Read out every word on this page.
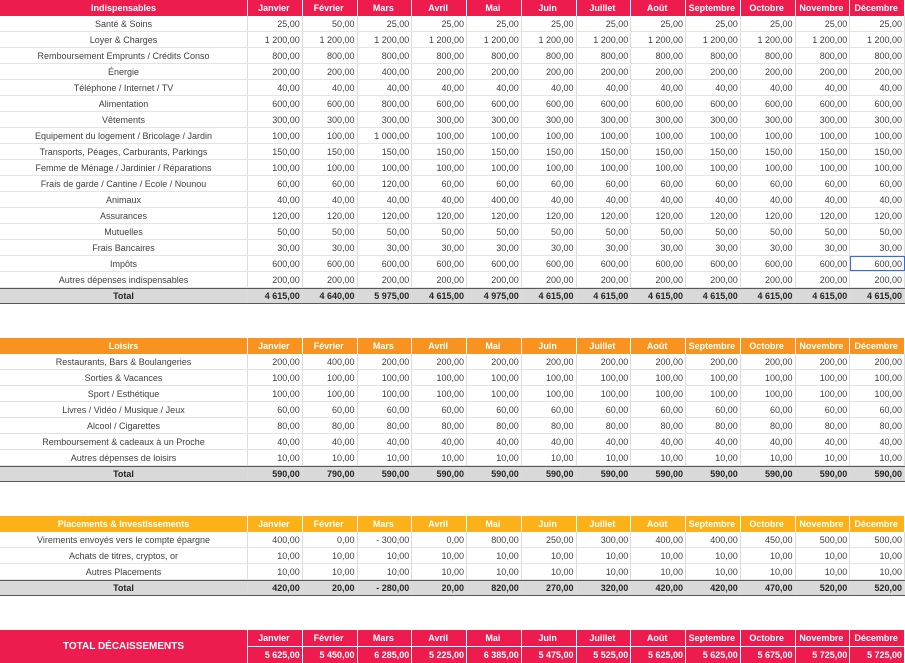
Indispensables	Janvier	Février	Mars	Avril	Mai	Juin	Juillet	Août	Septembre	Octobre	Novembre	Décembre
Santé & Soins	25,00	50,00	25,00	25,00	25,00	25,00	25,00	25,00	25,00	25,00	25,00	25,00
Loyer & Charges	1 200,00	1 200,00	1 200,00	1 200,00	1 200,00	1 200,00	1 200,00	1 200,00	1 200,00	1 200,00	1 200,00	1 200,00
Remboursement Emprunts / Crédits Conso	800,00	800,00	800,00	800,00	800,00	800,00	800,00	800,00	800,00	800,00	800,00	800,00
Énergie	200,00	200,00	400,00	200,00	200,00	200,00	200,00	200,00	200,00	200,00	200,00	200,00
Téléphone / Internet / TV	40,00	40,00	40,00	40,00	40,00	40,00	40,00	40,00	40,00	40,00	40,00	40,00
Alimentation	600,00	600,00	800,00	600,00	600,00	600,00	600,00	600,00	600,00	600,00	600,00	600,00
Vêtements	300,00	300,00	300,00	300,00	300,00	300,00	300,00	300,00	300,00	300,00	300,00	300,00
Equipement du logement / Bricolage / Jardin	100,00	100,00	1 000,00	100,00	100,00	100,00	100,00	100,00	100,00	100,00	100,00	100,00
Transports, Péages, Carburants, Parkings	150,00	150,00	150,00	150,00	150,00	150,00	150,00	150,00	150,00	150,00	150,00	150,00
Femme de Ménage / Jardinier / Réparations	100,00	100,00	100,00	100,00	100,00	100,00	100,00	100,00	100,00	100,00	100,00	100,00
Frais de garde / Cantine / Ecole / Nounou	60,00	60,00	120,00	60,00	60,00	60,00	60,00	60,00	60,00	60,00	60,00	60,00
Animaux	40,00	40,00	40,00	40,00	400,00	40,00	40,00	40,00	40,00	40,00	40,00	40,00
Assurances	120,00	120,00	120,00	120,00	120,00	120,00	120,00	120,00	120,00	120,00	120,00	120,00
Mutuelles	50,00	50,00	50,00	50,00	50,00	50,00	50,00	50,00	50,00	50,00	50,00	50,00
Frais Bancaires	30,00	30,00	30,00	30,00	30,00	30,00	30,00	30,00	30,00	30,00	30,00	30,00
Impôts	600,00	600,00	600,00	600,00	600,00	600,00	600,00	600,00	600,00	600,00	600,00	600,00
Autres dépenses indispensables	200,00	200,00	200,00	200,00	200,00	200,00	200,00	200,00	200,00	200,00	200,00	200,00
Total	4 615,00	4 640,00	5 975,00	4 615,00	4 975,00	4 615,00	4 615,00	4 615,00	4 615,00	4 615,00	4 615,00	4 615,00
Loisirs	Janvier	Février	Mars	Avril	Mai	Juin	Juillet	Août	Septembre	Octobre	Novembre	Décembre
Restaurants, Bars & Boulangeries	200,00	400,00	200,00	200,00	200,00	200,00	200,00	200,00	200,00	200,00	200,00	200,00
Sorties & Vacances	100,00	100,00	100,00	100,00	100,00	100,00	100,00	100,00	100,00	100,00	100,00	100,00
Sport / Esthétique	100,00	100,00	100,00	100,00	100,00	100,00	100,00	100,00	100,00	100,00	100,00	100,00
Livres / Vidéo / Musique / Jeux	60,00	60,00	60,00	60,00	60,00	60,00	60,00	60,00	60,00	60,00	60,00	60,00
Alcool / Cigarettes	80,00	80,00	80,00	80,00	80,00	80,00	80,00	80,00	80,00	80,00	80,00	80,00
Remboursement & cadeaux à un Proche	40,00	40,00	40,00	40,00	40,00	40,00	40,00	40,00	40,00	40,00	40,00	40,00
Autres dépenses de loisirs	10,00	10,00	10,00	10,00	10,00	10,00	10,00	10,00	10,00	10,00	10,00	10,00
Total	590,00	790,00	590,00	590,00	590,00	590,00	590,00	590,00	590,00	590,00	590,00	590,00
Placements & Investissements	Janvier	Février	Mars	Avril	Mai	Juin	Juillet	Août	Septembre	Octobre	Novembre	Décembre
Virements envoyés vers le compte épargne	400,00	0,00	- 300,00	0,00	800,00	250,00	300,00	400,00	400,00	450,00	500,00	500,00
Achats de titres, cryptos, or	10,00	10,00	10,00	10,00	10,00	10,00	10,00	10,00	10,00	10,00	10,00	10,00
Autres Placements	10,00	10,00	10,00	10,00	10,00	10,00	10,00	10,00	10,00	10,00	10,00	10,00
Total	420,00	20,00	- 280,00	20,00	820,00	270,00	320,00	420,00	420,00	470,00	520,00	520,00
TOTAL DÉCAISSEMENTS
Janvier	Février	Mars	Avril	Mai	Juin	Juillet	Août	Septembre	Octobre	Novembre	Décembre
5 625,00	5 450,00	6 285,00	5 225,00	6 385,00	5 475,00	5 525,00	5 625,00	5 625,00	5 675,00	5 725,00	5 725,00
